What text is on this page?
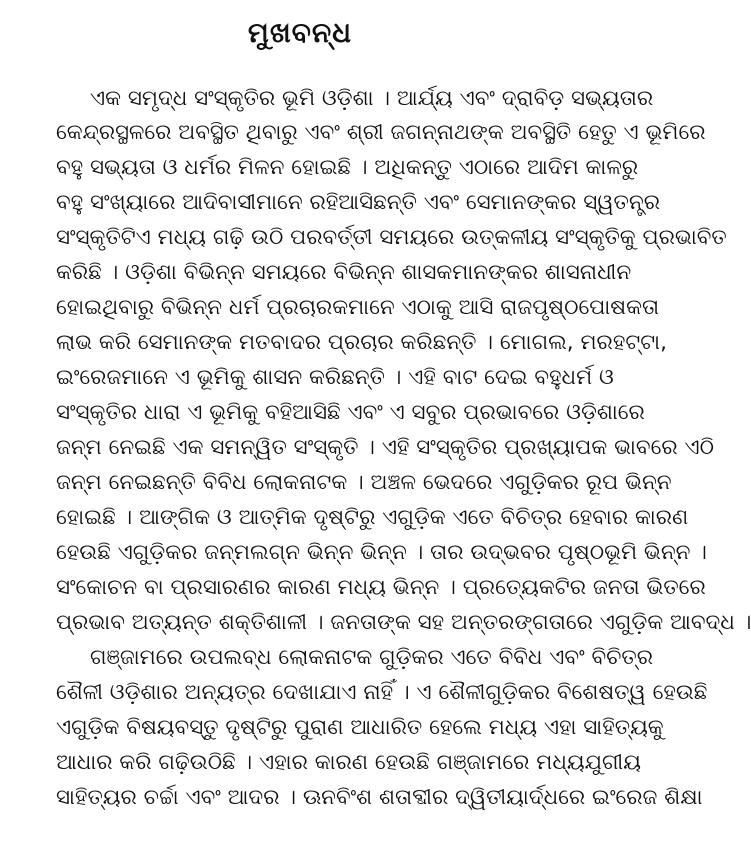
ମୁଖବନ୍ଧ
ଏକ ସମୃଦ୍ଧ ସଂସ୍କୃତିର ଭୂମି ଓଡ଼ିଶା । ଆର୍ଯ୍ୟ ଏବଂ ଦ୍ରାବିଡ଼ ସଭ୍ୟତାର
କେନ୍ଦ୍ରସ୍ଥଳରେ ଅବସ୍ଥିତ ଥିବାରୁ ଏବଂ ଶ୍ରୀ ଜଗନ୍ନାଥଙ୍କ ଅବସ୍ଥିତି ହେତୁ ଏ ଭୂମିରେ
ବହୁ ସଭ୍ୟତା ଓ ଧର୍ମର ମିଳନ ହୋଇଛି । ଅଧିକନ୍ତୁ ଏଠାରେ ଆଦିମ କାଳରୁ
ବହୁ ସଂଖ୍ୟାରେ ଆଦିବାସୀମାନେ ରହିଆସିଛନ୍ତି ଏବଂ ସେମାନଙ୍କର ସ୍ୱତନ୍ତ୍ର
ସଂସ୍କୃତିଟିଏ ମଧ୍ୟ ଗଢ଼ି ଉଠି ପରବର୍ତ୍ତୀ ସମୟରେ ଉତ୍କଳୀୟ ସଂସ୍କୃତିକୁ ପ୍ରଭାବିତ
କରିଛି । ଓଡ଼ିଶା ବିଭିନ୍ନ ସମୟରେ ବିଭିନ୍ନ ଶାସକମାନଙ୍କର ଶାସନାଧୀନ
ହୋଇଥିବାରୁ ବିଭିନ୍ନ ଧର୍ମ ପ୍ରଚାରକମାନେ ଏଠାକୁ ଆସି ରାଜପୃଷ୍ଠପୋଷକତା
ଲାଭ କରି ସେମାନଙ୍କ ମତବାଦର ପ୍ରଚାର କରିଛନ୍ତି । ମୋଗଲ, ମରହଟ୍ଟା,
ଇଂରେଜମାନେ ଏ ଭୂମିକୁ ଶାସନ କରିଛନ୍ତି । ଏହି ବାଟ ଦେଇ ବହୁଧର୍ମ ଓ
ସଂସ୍କୃତିର ଧାରା ଏ ଭୂମିକୁ ବହିଆସିଛି ଏବଂ ଏ ସବୁର ପ୍ରଭାବରେ ଓଡ଼ିଶାରେ
ଜନ୍ମ ନେଇଛି ଏକ ସମନ୍ୱିତ ସଂସ୍କୃତି । ଏହି ସଂସ୍କୃତିର ପ୍ରଖ୍ୟାପକ ଭାବରେ ଏଠି
ଜନ୍ମ ନେଇଛନ୍ତି ବିବିଧ ଲୋକନାଟକ । ଅଞ୍ଚଳ ଭେଦରେ ଏଗୁଡ଼ିକର ରୂପ ଭିନ୍ନ
ହୋଇଛି । ଆଙ୍ଗିକ ଓ ଆତ୍ମିକ ଦୃଷ୍ଟିରୁ ଏଗୁଡ଼ିକ ଏତେ ବିଚିତ୍ର ହେବାର କାରଣ
ହେଉଛି ଏଗୁଡ଼ିକର ଜନ୍ମଲଗ୍ନ ଭିନ୍ନ ଭିନ୍ନ । ତାର ଉଦ୍ଭବର ପୃଷ୍ଠଭୂମି ଭିନ୍ନ ।
ସଂକୋଚନ ବା ପ୍ରସାରଣର କାରଣ ମଧ୍ୟ ଭିନ୍ନ । ପ୍ରତ୍ୟେକଟିର ଜନତା ଭିତରେ
ପ୍ରଭାବ ଅତ୍ୟନ୍ତ ଶକ୍ତିଶାଳୀ । ଜନତାଙ୍କ ସହ ଅନ୍ତରଙ୍ଗତାରେ ଏଗୁଡ଼ିକ ଆବଦ୍ଧ ।
ଗଞ୍ଜାମରେ ଉପଲବ୍ଧ ଲୋକନାଟକ ଗୁଡ଼ିକର ଏତେ ବିବିଧ ଏବଂ ବିଚିତ୍ର
ଶୈଳୀ ଓଡ଼ିଶାର ଅନ୍ୟତ୍ର ଦେଖାଯାଏ ନାହିଁ । ଏ ଶୈଳୀଗୁଡ଼ିକର ବିଶେଷତ୍ୱ ହେଉଛି
ଏଗୁଡ଼ିକ ବିଷୟବସ୍ତୁ ଦୃଷ୍ଟିରୁ ପୁରାଣ ଆଧାରିତ ହେଲେ ମଧ୍ୟ ଏହା ସାହିତ୍ୟକୁ
ଆଧାର କରି ଗଢ଼ିଉଠିଛି । ଏହାର କାରଣ ହେଉଛି ଗଞ୍ଜାମରେ ମଧ୍ୟଯୁଗୀୟ
ସାହିତ୍ୟର ଚର୍ଚ୍ଚା ଏବଂ ଆଦର । ଊନବିଂଶ ଶତାବ୍ଦୀର ଦ୍ୱିତୀୟାର୍ଦ୍ଧରେ ଇଂରେଜ ଶିକ୍ଷା
